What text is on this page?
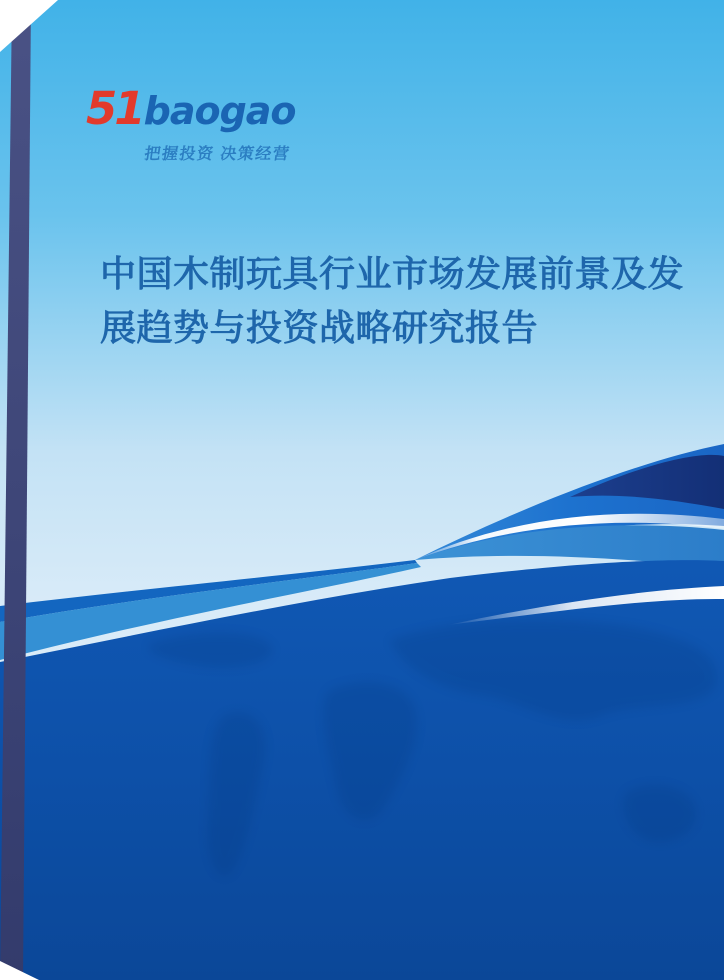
51baogao
把握投资 决策经营
中国木制玩具行业市场发展前景及发
展趋势与投资战略研究报告
